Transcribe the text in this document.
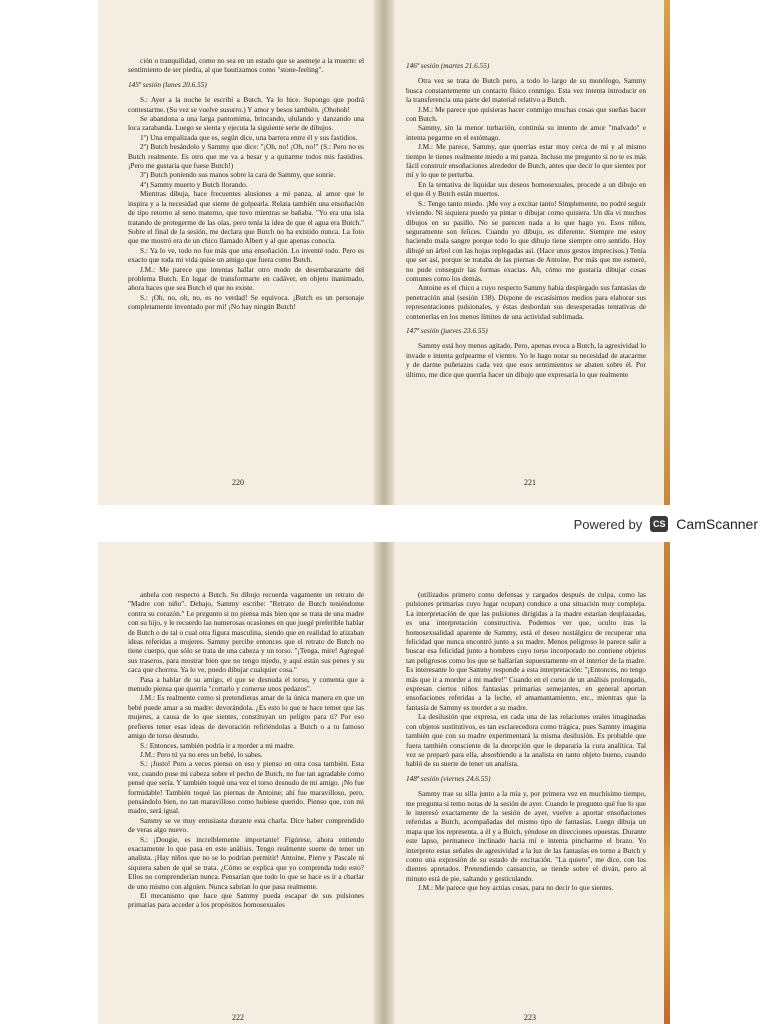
ción o tranquilidad, como no sea en un estado que se asemeje a la muerte: el sentimiento de ser piedra, al que bautizamos como "stone-feeling".

145ª sesión (lunes 20.6.55)

S.: Ayer a la noche le escribí a Butch. Ya lo hice. Supongo que podrá contestarme. (Su vez se vuelve susurro.) Y amor y besos también. ¡Ohohoh!

Se abandona a una larga pantomima, brincando, ululando y danzando una loca zarabanda. Luego se sienta y ejecuta la siguiente serie de dibujos.

1º) Una empalizada que es, según dice, una barrera entre él y sus fastidios.

2º) Butch besándolo y Sammy que dice: "¡Oh, no! ¡Oh, no!" (S.: Pero no es Butch realmente. Es otro que me va a besar y a quitarme todos mis fastidios. ¡Pero me gustaría que fuese Butch!)

3º) Butch poniendo sus manos sobre la cara de Sammy, que sonríe.

4º) Sammy muerto y Butch llorando.

Mientras dibuja, hace frecuentes alusiones a mi panza, al amor que le inspira y a la necesidad que siente de golpearla. Relata también una ensoñación de tipo retorno al seno materno, que tuvo mientras se bañaba. "Yo era una isla tratando de protegerme de las olas, pero tenía la idea de que el agua era Butch." Sobre el final de la sesión, me declara que Butch no ha existido nunca. La foto que me mostró era de un chico llamado Albert y al que apenas conocía.

S.: Ya lo ve, todo no fue más que una ensoñación. Lo inventé todo. Pero es exacto que toda mi vida quise un amigo que fuera como Butch.

J.M.: Me parece que intentas hallar otro modo de desembarazarte del problema Butch. En lugar de transformarte en cadáver, en objeto inanimado, ahora haces que sea Butch el que no existe.

S.: ¡Oh, no, oh, no, es no verdad! Se equivoca. ¡Butch es un personaje completamente inventado por mí! ¡No hay ningún Butch!

220

146ª sesión (martes 21.6.55)

Otra vez se trata de Butch pero, a todo lo largo de su monólogo, Sammy busca constantemente un contacto físico conmigo. Esta vez intenta introducir en la transferencia una parte del material relativo a Butch.

J.M.: Me parece que quisieras hacer conmigo muchas cosas que sueñas hacer con Butch.

Sammy, sin la menor turbación, continúa su intento de amor "malvado" e intenta pegarme en el estómago.

J.M.: Me parece, Sammy, que querrías estar muy cerca de mí y al mismo tiempo le tienes realmente miedo a mi panza. Incluso me pregunto si no te es más fácil construir ensoñaciones alrededor de Butch, antes que decir lo que sientes por mí y lo que te perturba.

En la tentativa de liquidar sus deseos homosexuales, procede a un dibujo en el que él y Butch están muertos.

S.: Tengo tanto miedo. ¡Me voy a excitar tanto! Simplemente, no podré seguir viviendo. Ni siquiera puedo ya pintar o dibujar como quisiera. Un día vi muchos dibujos en su pasillo. No se parecen nada a lo que hago yo. Esos niños, seguramente son felices. Cuando yo dibujo, es diferente. Siempre me estoy haciendo mala sangre porque todo lo que dibujo tiene siempre otro sentido. Hoy dibujé un árbol con las hojas replegadas así. (Hace unos gestos imprecisos.) Tenía que ser así, porque se trataba de las piernas de Antoine. Por más que me esmeré, no pude conseguir las formas exactas. Ah, cómo me gustaría dibujar cosas comunes como los demás.

Antoine es el chico a cuyo respecto Sammy había desplegado sus fantasías de penetración anal (sesión 138). Dispone de escasísimos medios para elaborar sus representaciones pulsionales, y éstas desbordan sus desesperadas tentativas de contenerlas en los menos límites de una actividad sublimada.

147ª sesión (jueves 23.6.55)

Sammy está hoy menos agitado. Pero, apenas evoca a Butch, la agresividad lo invade e intenta golpearme el vientre. Yo le hago notar su necesidad de atacarme y de darme puñetazos cada vez que esos sentimientos se abaten sobre él. Por último, me dice que querría hacer un dibujo que expresaría lo que realmente

221
Powered by	CS CamScanner

anhela con respecto a Butch. Su dibujo recuerda vagamente un retrato de "Madre con niño". Debajo, Sammy escribe: "Retrato de Butch teniéndome contra su corazón." Le pregunto si no piensa más bien que se trata de una madre con su hijo, y le recuerdo las numerosas ocasiones en que juegé preferible hablar de Butch o de tal o cual otra figura masculina, siendo que en realidad lo atizaban ideas referidas a mujeres. Sammy percibe entonces que el retrato de Butch no tiene cuerpo, que sólo se trata de una cabeza y un torso. "¡Tenga, mire! Agregué sus traseros, para mostrar bien que no tengo miedo, y aquí están sus penes y su caca que chorrea. Ya lo ve, puedo dibujar cualquier cosa."

Pasa a hablar de su amigo, el que se desnuda el torso, y comenta que a menudo piensa que querría "cortarlo y comerse unos pedazos".

J.M.: Es realmente como si pretendieras amar de la única manera en que un bebé puede amar a su madre: devorándola. ¿Es esto lo que te hace temer que las mujeres, a causa de lo que sientes, constituyan un peligro para ti? Por eso prefieres tener esas ideas de devoración refiriéndolas a Butch o a tu famoso amigo de torso desnudo.

S.: Entonces, también podría ir a morder a mi madre.

J.M.: Pero tú ya no eres un bebé, lo sabes.

S.: ¡Justo! Pero a veces pienso en eso y pienso en otra cosa también. Esta vez, cuando puse mi cabeza sobre el pecho de Butch, no fue tan agradable como pensé que sería. Y también toqué una vez el torso desnudo de mi amigo. ¡No fue formidable! También toqué las piernas de Antoine; ahí fue maravilloso, pero, pensándolo bien, no tan maravilloso como hubiese querido. Pienso que, con mi madre, será igual.

Sammy se ve muy entusiasta durante esta charla. Dice haber comprendido de veras algo nuevo.

S.: ¡Dougie, es increíblemente importante! Figúrese, ahora entiendo exactamente lo que pasa en este análisis. Tengo realmente suerte de tener un analista. ¡Hay niños que no se lo podrían permitir! Antoine, Pierre y Pascale ni siquiera saben de qué se trata. ¿Cómo se explica que yo comprenda todo esto? Ellos no comprenderían nunca. Pensarían que todo lo que se hace es ir a charlar de uno mismo con alguien. Nunca sabrían lo que pasa realmente.

El mecanismo que hace que Sammy pueda escapar de sus pulsiones primarias para acceder a los propósitos homosexuales

222

(utilizados primero como defensas y cargados después de culpa, como las pulsiones primarias cuyo lugar ocupan) conduce a una situación muy compleja. La interpretación de que las pulsiones dirigidas a la madre estarían desplazadas, es una interpretación constructiva. Podemos ver que, oculto tras la homosexualidad aparente de Sammy, está el deseo nostálgico de recuperar una felicidad que nunca encontró junto a su madre. Menos peligroso le parece salir a buscar esa felicidad junto a hombres cuyo torso incorporado no contiene objetos tan peligrosos como los que se hallarían supuestamente en el interior de la madre. Es interesante lo que Sammy responde a esta interpretación: "¡Entonces, no tengo más que ir a morder a mi madre!" Cuando en el curso de un análisis prolongado, expresan ciertos niños fantasías primarias semejantes, en general aportan ensoñaciones referidas a la leche, el amamantamiento, etc., mientras que la fantasía de Sammy es morder a su madre.

La desilusión que expresa, en cada una de las relaciones orales imaginadas con objetos sustitutivos, es tan esclarecedora como trágica, pues Sammy imagina también que con su madre experimentará la misma desilusión. Es probable que fuera también consciente de la decepción que le depararía la cura analítica. Tal vez se preparó para ella, absorbiendo a la analista en tanto objeto bueno, cuando habló de su suerte de tener un analista.

148ª sesión (viernes 24.6.55)

Sammy trae su silla junto a la mía y, por primera vez en muchísimo tiempo, me pregunta si temo notas de la sesión de ayer. Cuando le pregunto qué fue lo que le interesó exactamente de la sesión de ayer, vuelve a aportar ensoñaciones referidas a Butch, acompañadas del mismo tipo de fantasías. Luego dibuja un mapa que los representa, a él y a Butch, yéndose en direcciones opuestas. Durante este lapso, permanece inclinado hacia mí e intenta pincharme el brazo. Yo interpreto estas señales de agresividad a la luz de las fantasías en torno a Butch y como una expresión de su estado de excitación. "La quiero", me dice, con los dientes apretados. Pretendiendo cansancio, se tiende sobre el diván, pero al minuto está de pie, saltando y gesticulando.

J.M.: Me parece que hoy actúas cosas, para no decir lo que sientes.

223
